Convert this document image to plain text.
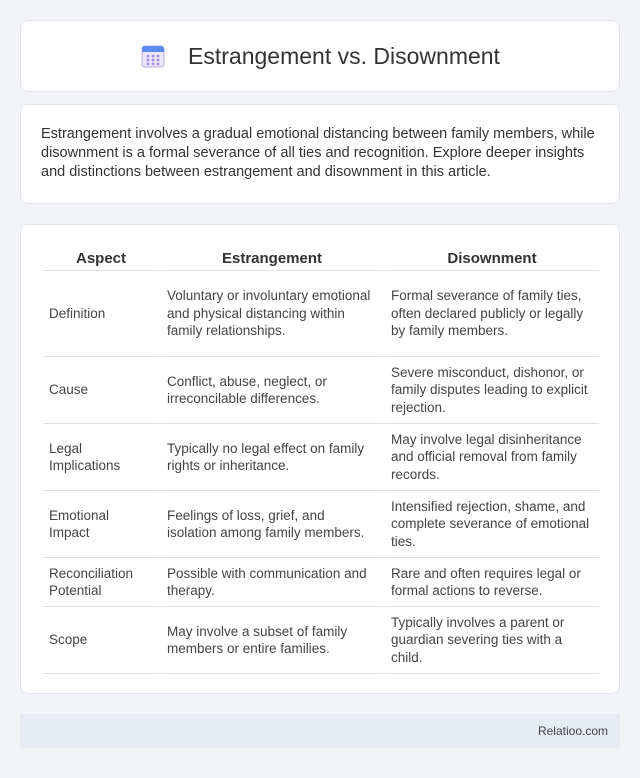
Estrangement vs. Disownment

Estrangement involves a gradual emotional distancing between family members, while disownment is a formal severance of all ties and recognition. Explore deeper insights and distinctions between estrangement and disownment in this article.

Aspect	Estrangement	Disownment
Definition	Voluntary or involuntary emotional and physical distancing within family relationships.	Formal severance of family ties, often declared publicly or legally by family members.
Cause	Conflict, abuse, neglect, or irreconcilable differences.	Severe misconduct, dishonor, or family disputes leading to explicit rejection.
Legal Implications	Typically no legal effect on family rights or inheritance.	May involve legal disinheritance and official removal from family records.
Emotional Impact	Feelings of loss, grief, and isolation among family members.	Intensified rejection, shame, and complete severance of emotional ties.
Reconciliation Potential	Possible with communication and therapy.	Rare and often requires legal or formal actions to reverse.
Scope	May involve a subset of family members or entire families.	Typically involves a parent or guardian severing ties with a child.
Relatioo.com
